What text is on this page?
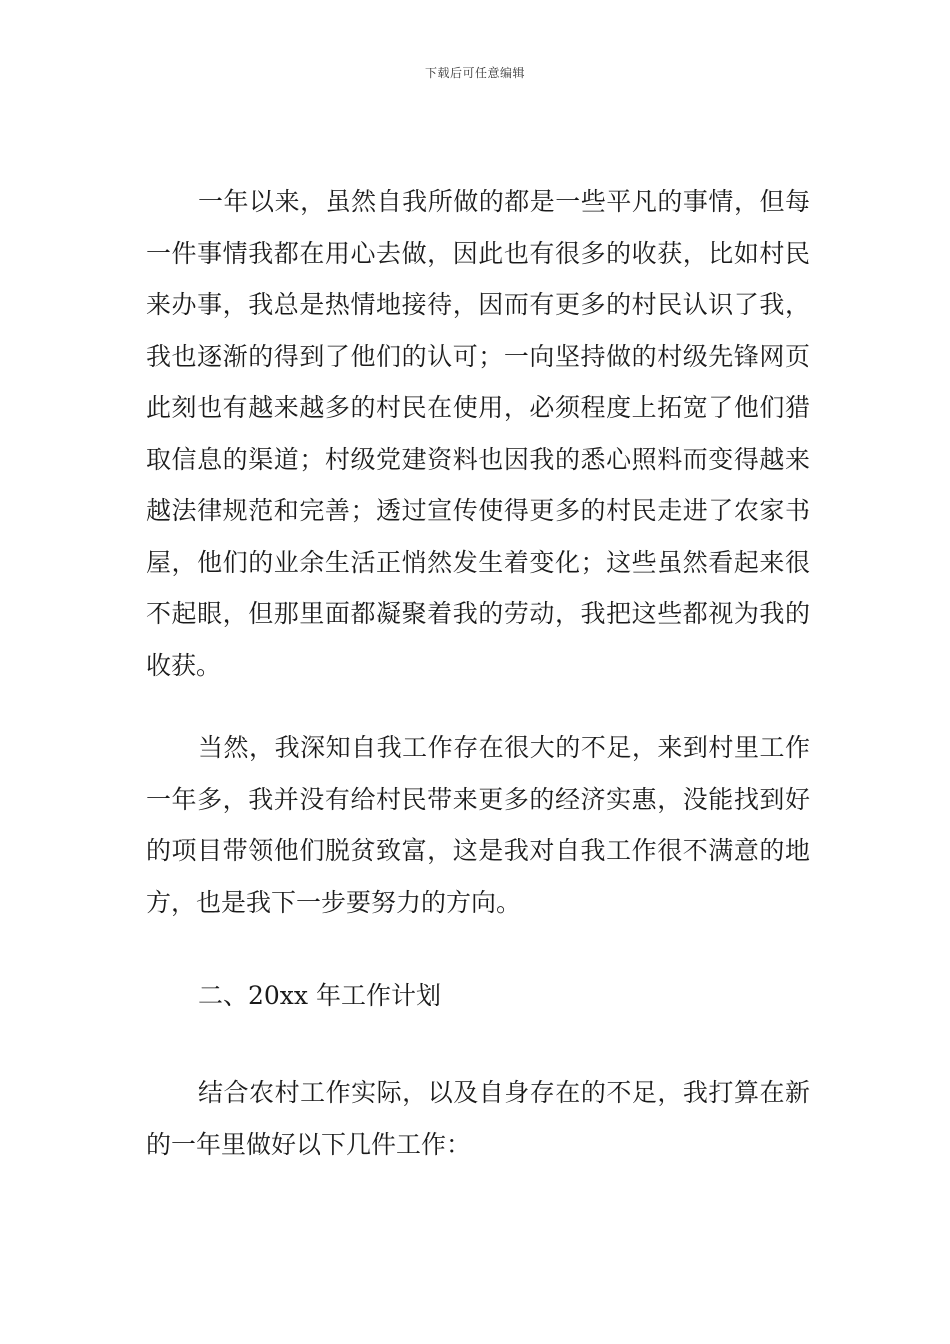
下载后可任意编辑

一年以来，虽然自我所做的都是一些平凡的事情，但每一件事情我都在用心去做，因此也有很多的收获，比如村民来办事，我总是热情地接待，因而有更多的村民认识了我，我也逐渐的得到了他们的认可；一向坚持做的村级先锋网页此刻也有越来越多的村民在使用，必须程度上拓宽了他们猎取信息的渠道；村级党建资料也因我的悉心照料而变得越来越法律规范和完善；透过宣传使得更多的村民走进了农家书屋，他们的业余生活正悄然发生着变化；这些虽然看起来很不起眼，但那里面都凝聚着我的劳动，我把这些都视为我的收获。

当然，我深知自我工作存在很大的不足，来到村里工作一年多，我并没有给村民带来更多的经济实惠，没能找到好的项目带领他们脱贫致富，这是我对自我工作很不满意的地方，也是我下一步要努力的方向。

二、20xx 年工作计划

结合农村工作实际，以及自身存在的不足，我打算在新的一年里做好以下几件工作：
